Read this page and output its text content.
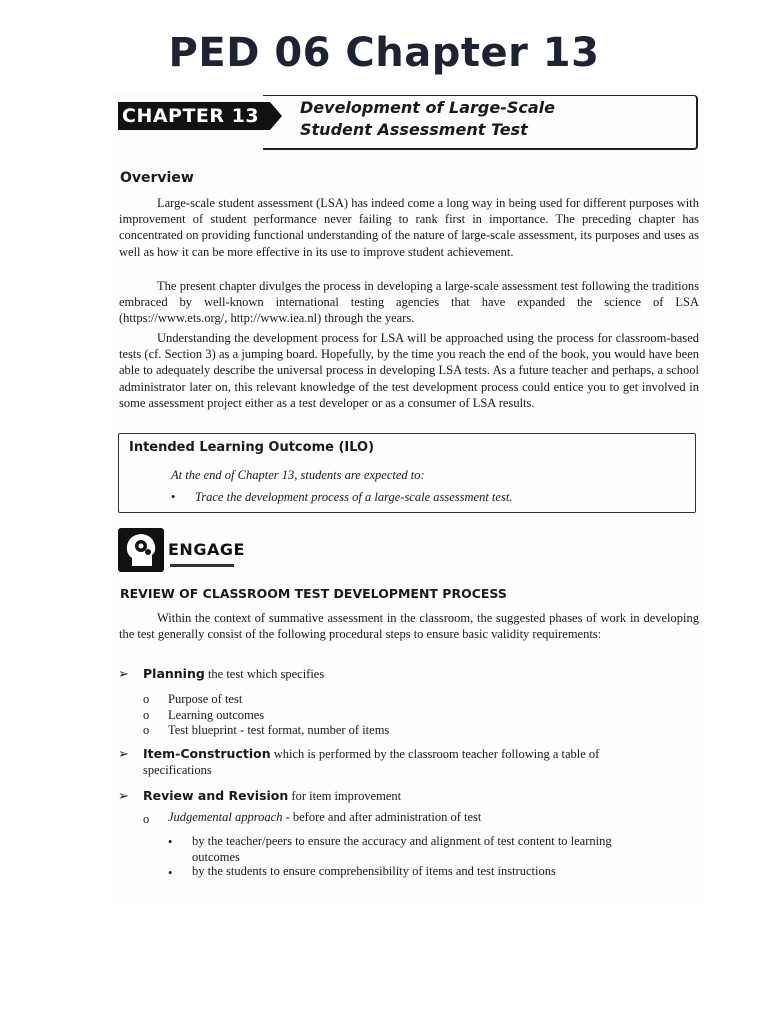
PED 06 Chapter 13
CHAPTER 13	Development of Large-Scale
Student Assessment Test
Overview

Large-scale student assessment (LSA) has indeed come a long way in being used for different purposes with improvement of student performance never failing to rank first in importance. The preceding chapter has concentrated on providing functional understanding of the nature of large-scale assessment, its purposes and uses as well as how it can be more effective in its use to improve student achievement.

The present chapter divulges the process in developing a large-scale assessment test following the traditions embraced by well-known international testing agencies that have expanded the science of LSA (https://www.ets.org/, http://www.iea.nl) through the years.

Understanding the development process for LSA will be approached using the process for classroom-based tests (cf. Section 3) as a jumping board. Hopefully, by the time you reach the end of the book, you would have been able to adequately describe the universal process in developing LSA tests. As a future teacher and perhaps, a school administrator later on, this relevant knowledge of the test development process could entice you to get involved in some assessment project either as a test developer or as a consumer of LSA results.

Intended Learning Outcome (ILO)
At the end of Chapter 13, students are expected to:
• Trace the development process of a large-scale assessment test.
ENGAGE
REVIEW OF CLASSROOM TEST DEVELOPMENT PROCESS

Within the context of summative assessment in the classroom, the suggested phases of work in developing the test generally consist of the following procedural steps to ensure basic validity requirements:

➢ Planning the test which specifies
o Purpose of test
o Learning outcomes
o Test blueprint - test format, number of items
➢ Item-Construction which is performed by the classroom teacher following a table of
specifications
➢ Review and Revision for item improvement
o Judgemental approach - before and after administration of test
• by the teacher/peers to ensure the accuracy and alignment of test content to learning
outcomes
• by the students to ensure comprehensibility of items and test instructions
